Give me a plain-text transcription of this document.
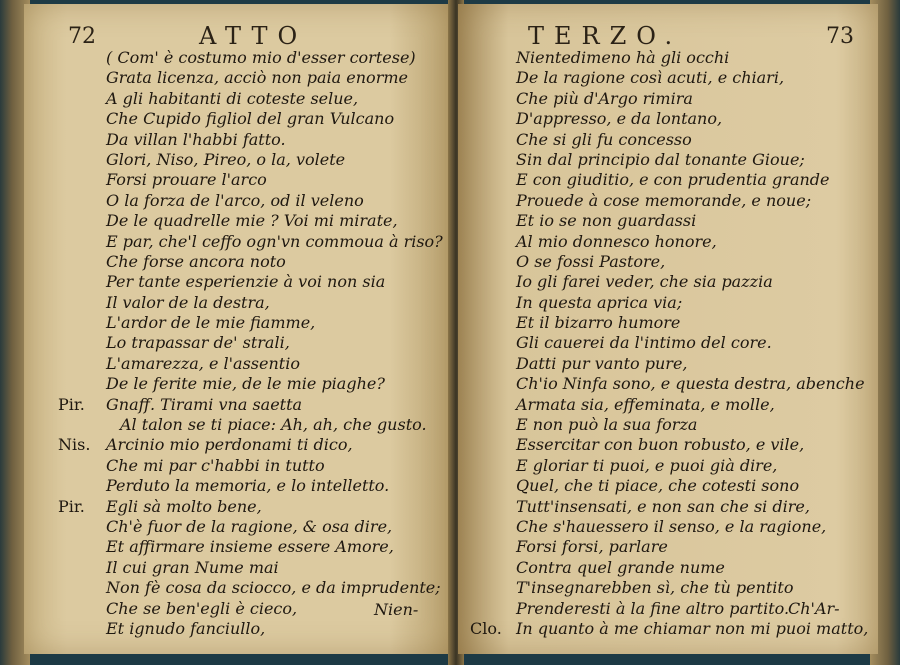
72	ATTO
( Com' è costumo mio d'esser cortese)
Grata licenza, acciò non paia enorme
A gli habitanti di coteste selue,
Che Cupido figliol del gran Vulcano
Da villan l'habbi fatto.
Glori, Niso, Pireo, o la, volete
Forsi prouare l'arco
O la forza de l'arco, od il veleno
De le quadrelle mie ? Voi mi mirate,
E par, che'l ceffo ogn'vn commoua à riso?
Che forse ancora noto
Per tante esperienzie à voi non sia
Il valor de la destra,
L'ardor de le mie fiamme,
Lo trapassar de' strali,
L'amarezza, e l'assentio
De le ferite mie, de le mie piaghe?
Pir. Gnaff. Tirami vna saetta
Al talon se ti piace: Ah, ah, che gusto.
Nis. Arcinio mio perdonami ti dico,
Che mi par c'habbi in tutto
Perduto la memoria, e lo intelletto.
Pir. Egli sà molto bene,
Ch'è fuor de la ragione, & osa dire,
Et affirmare insieme essere Amore,
Il cui gran Nume mai
Non fè cosa da sciocco, e da imprudente;
Che se ben'egli è cieco,
Et ignudo fanciullo,
Nien-
TERZO.	73
Nientedimeno hà gli occhi
De la ragione così acuti, e chiari,
Che più d'Argo rimira
D'appresso, e da lontano,
Che si gli fu concesso
Sin dal principio dal tonante Gioue;
E con giuditio, e con prudentia grande
Prouede à cose memorande, e noue;
Et io se non guardassi
Al mio donnesco honore,
O se fossi Pastore,
Io gli farei veder, che sia pazzia
In questa aprica via;
Et il bizarro humore
Gli cauerei da l'intimo del core.
Datti pur vanto pure,
Ch'io Ninfa sono, e questa destra, abenche
Armata sia, effeminata, e molle,
E non può la sua forza
Essercitar con buon robusto, e vile,
E gloriar ti puoi, e puoi già dire,
Quel, che ti piace, che cotesti sono
Tutt'insensati, e non san che si dire,
Che s'hauessero il senso, e la ragione,
Forsi forsi, parlare
Contra quel grande nume
T'insegnarebben sì, che tù pentito
Prenderesti à la fine altro partito.
Clo. In quanto à me chiamar non mi puoi matto,
Ch'Ar-
